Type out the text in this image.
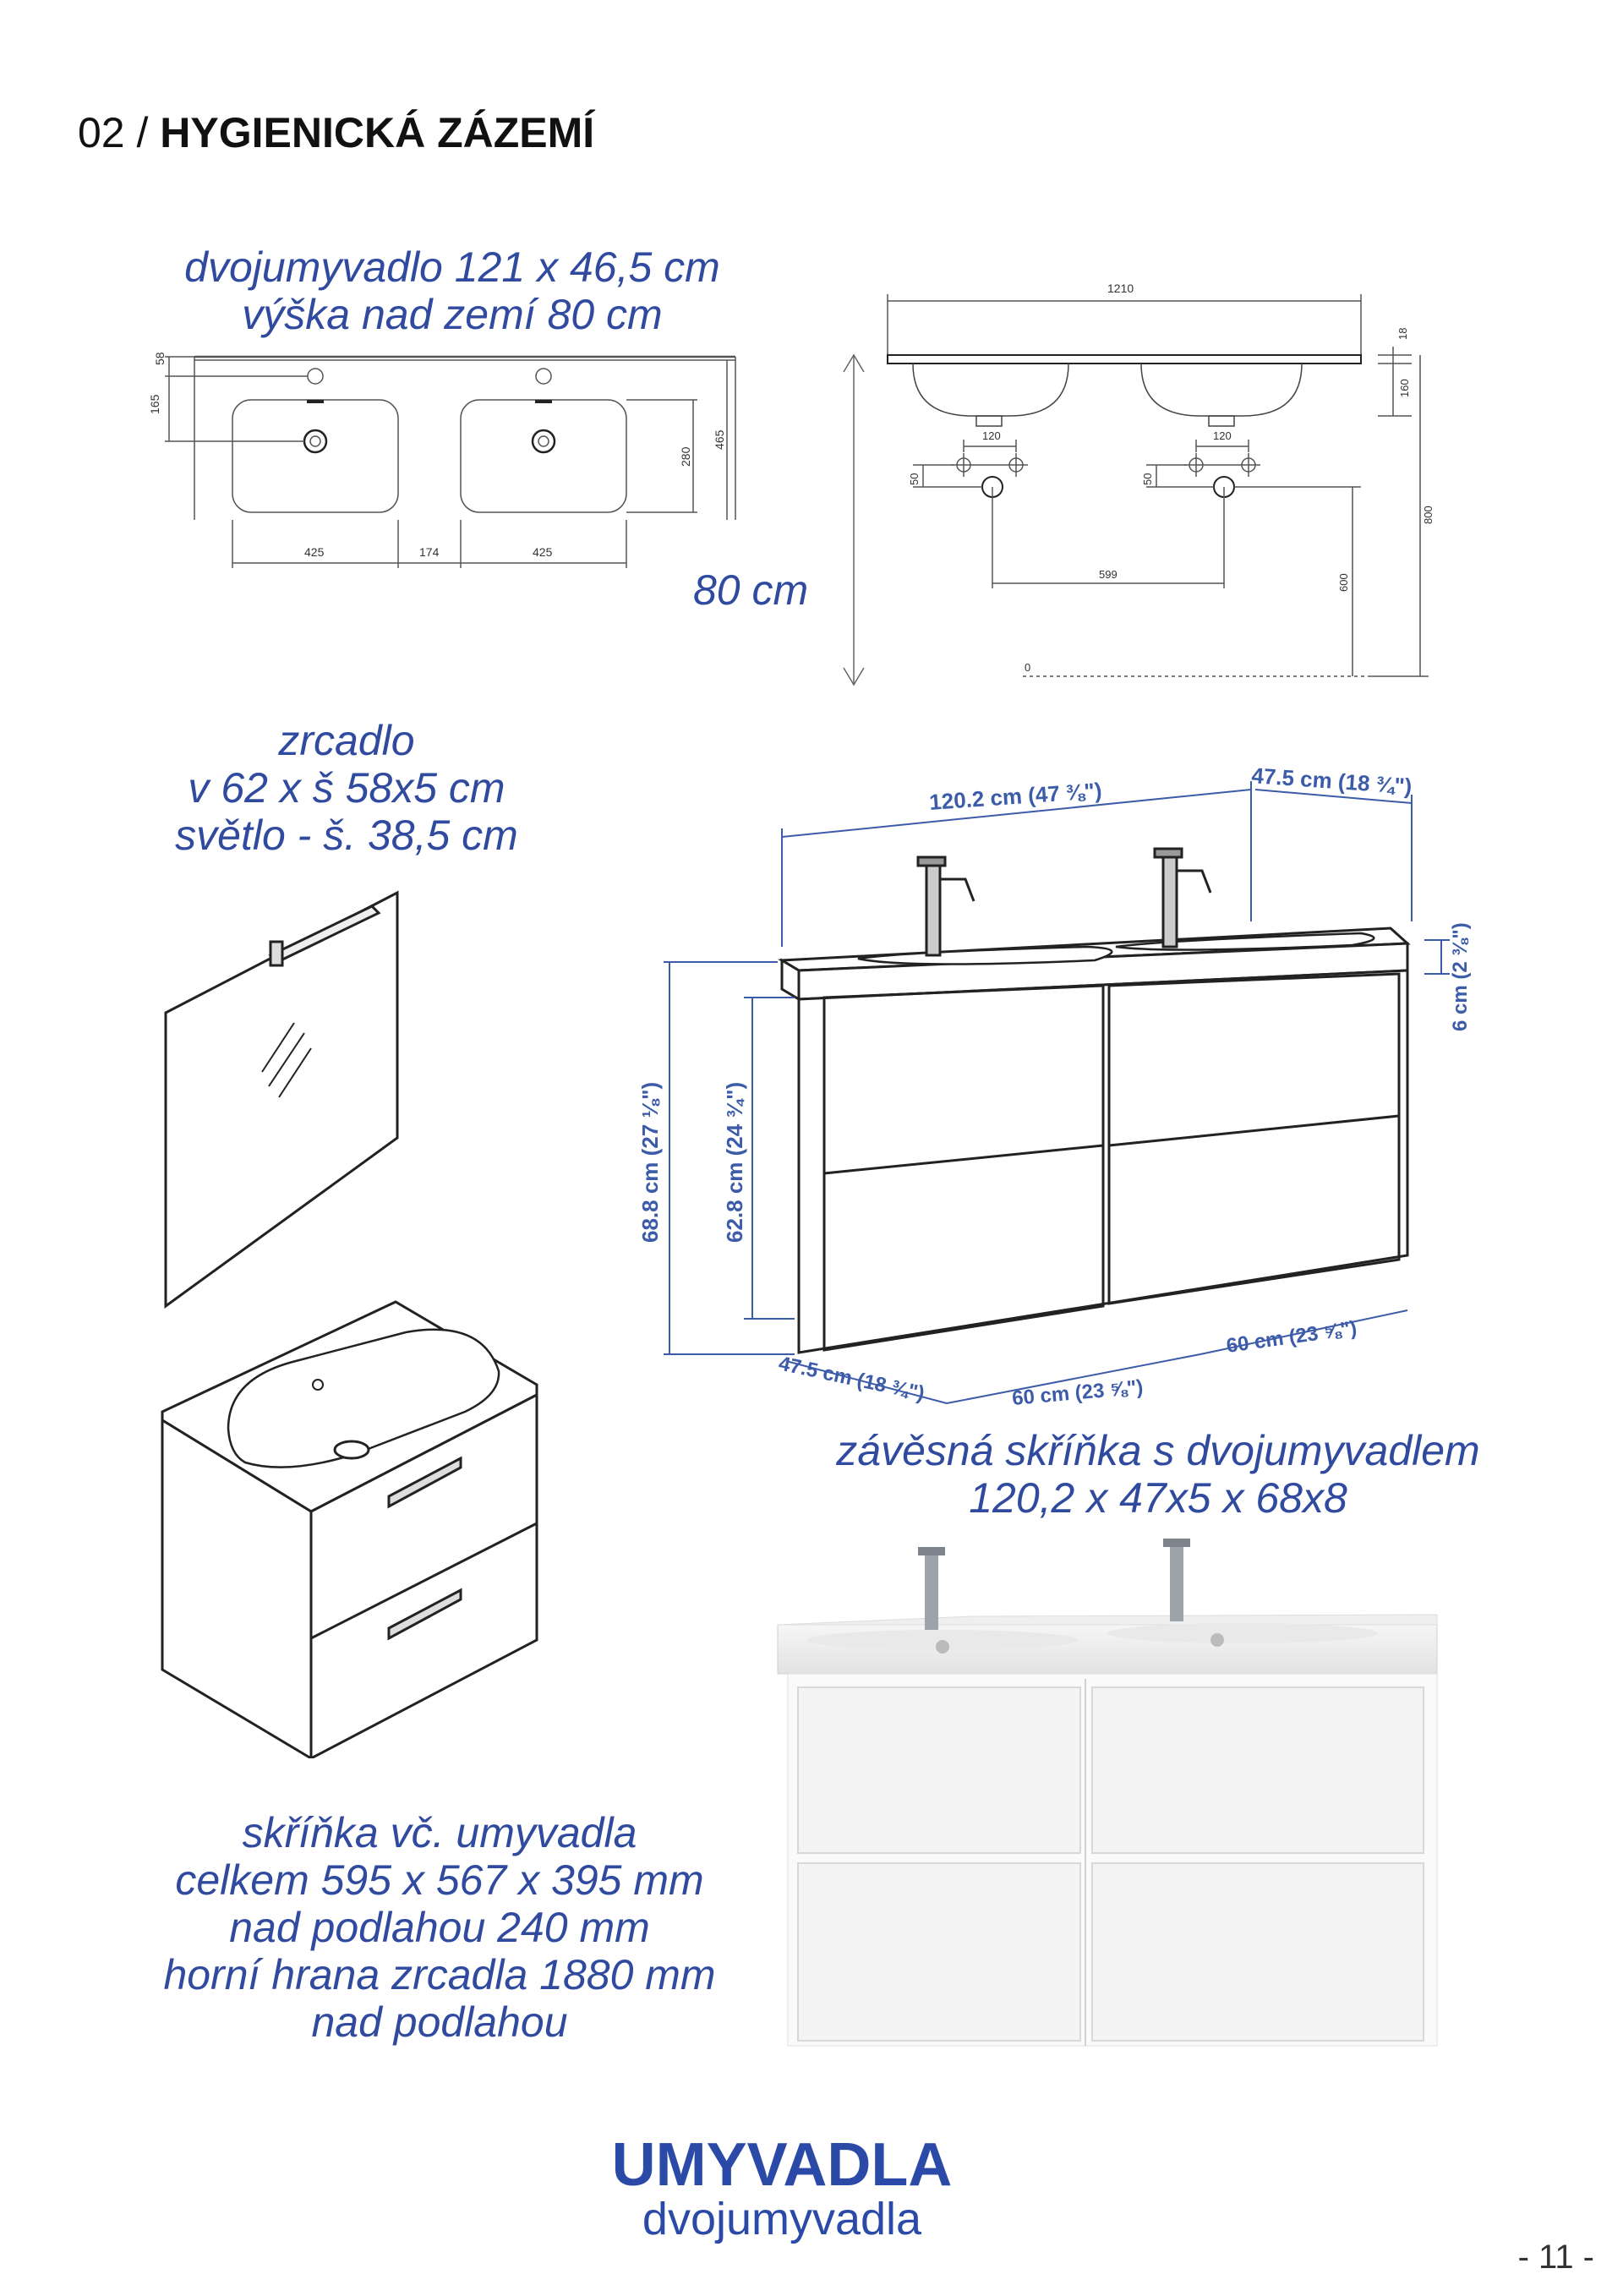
02 / HYGIENICKÁ ZÁZEMÍ
dvojumyvadlo 121 x 46,5 cm
výška nad zemí 80 cm
58
165
280
465
425	174	425
1210
18
160
800
120	120
50	50
599	600
0
80 cm
zrcadlo
v 62 x š 58x5 cm
světlo - š. 38,5 cm
skříňka vč. umyvadla
celkem 595 x 567 x 395 mm
nad podlahou 240 mm
horní hrana zrcadla 1880 mm
nad podlahou
120.2 cm (47 ⅜")	47.5 cm (18 ¾")
6 cm (2 ⅜")
68.8 cm (27 ⅛")	62.8 cm (24 ¾")
47.5 cm (18 ¾")	60 cm (23 ⅝")
60 cm (23 ⅝")
závěsná skříňka s dvojumyvadlem
120,2 x 47x5 x 68x8
UMYVADLA
dvojumyvadla
- 11 -
